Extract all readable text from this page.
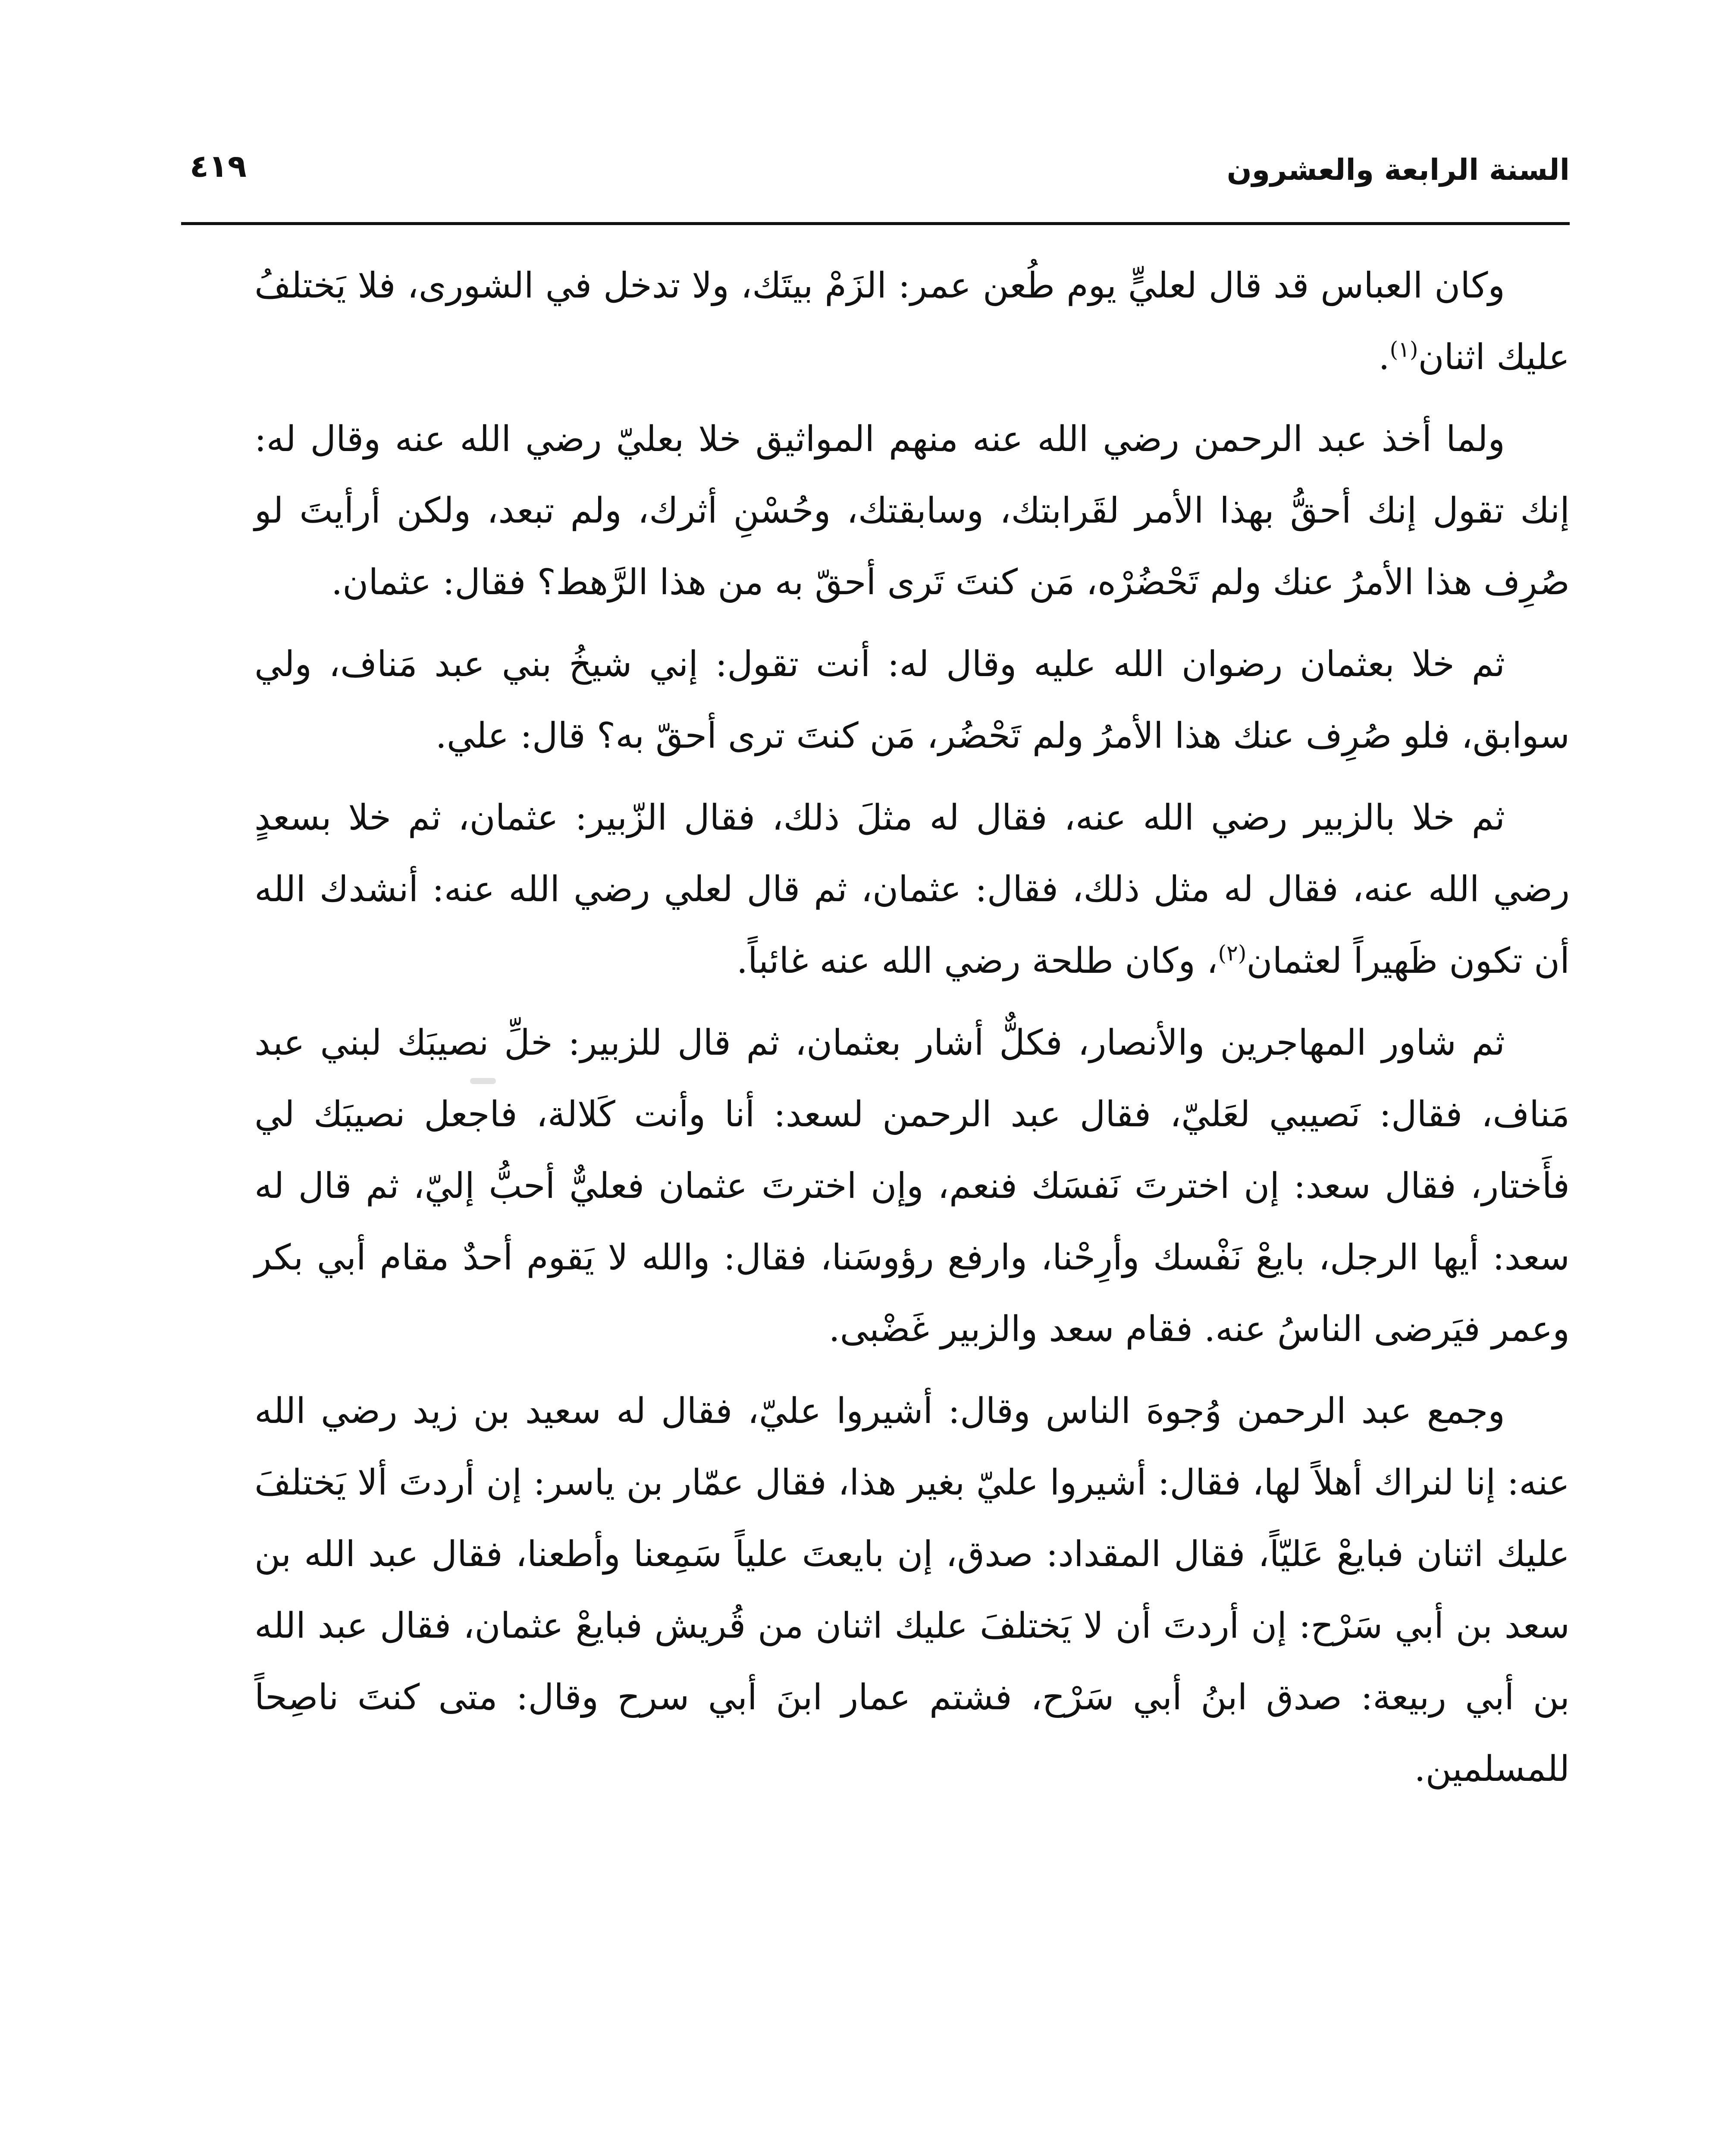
السنة الرابعة والعشرون
٤١٩

وكان العباس قد قال لعليٍّ يوم طُعن عمر: الزَمْ بيتَك، ولا تدخل في الشورى، فلا يَختلفُ عليك اثنان$^{(١)}$.

ولما أخذ عبد الرحمن رضي الله عنه منهم المواثيق خلا بعليّ رضي الله عنه وقال له: إنك تقول إنك أحقُّ بهذا الأمر لقَرابتك، وسابقتك، وحُسْنِ أثرك، ولم تبعد، ولكن أرأيتَ لو صُرِف هذا الأمرُ عنك ولم تَحْضُرْه، مَن كنتَ تَرى أحقّ به من هذا الرَّهط؟ فقال: عثمان.

ثم خلا بعثمان رضوان الله عليه وقال له: أنت تقول: إني شيخُ بني عبد مَناف، ولي سوابق، فلو صُرِف عنك هذا الأمرُ ولم تَحْضُر، مَن كنتَ ترى أحقّ به؟ قال: علي.

ثم خلا بالزبير رضي الله عنه، فقال له مثلَ ذلك، فقال الزّبير: عثمان، ثم خلا بسعدٍ رضي الله عنه، فقال له مثل ذلك، فقال: عثمان، ثم قال لعلي رضي الله عنه: أنشدك الله أن تكون ظَهيراً لعثمان$^{(٢)}$، وكان طلحة رضي الله عنه غائباً.

ثم شاور المهاجرين والأنصار، فكلٌّ أشار بعثمان، ثم قال للزبير: خلِّ نصيبَك لبني عبد مَناف، فقال: نَصيبي لعَليّ، فقال عبد الرحمن لسعد: أنا وأنت كَلالة، فاجعل نصيبَك لي فأَختار، فقال سعد: إن اخترتَ نَفسَك فنعم، وإن اخترتَ عثمان فعليٌّ أحبُّ إليّ، ثم قال له سعد: أيها الرجل، بايعْ نَفْسك وأرِحْنا، وارفع رؤوسَنا، فقال: والله لا يَقوم أحدٌ مقام أبي بكر وعمر فيَرضى الناسُ عنه. فقام سعد والزبير غَضْبى.

وجمع عبد الرحمن وُجوهَ الناس وقال: أشيروا عليّ، فقال له سعيد بن زيد رضي الله عنه: إنا لنراك أهلاً لها، فقال: أشيروا عليّ بغير هذا، فقال عمّار بن ياسر: إن أردتَ ألا يَختلفَ عليك اثنان فبايعْ عَليّاً، فقال المقداد: صدق، إن بايعتَ علياً سَمِعنا وأطعنا، فقال عبد الله بن سعد بن أبي سَرْح: إن أردتَ أن لا يَختلفَ عليك اثنان من قُريش فبايعْ عثمان، فقال عبد الله بن أبي ربيعة: صدق ابنُ أبي سَرْح، فشتم عمار ابنَ أبي سرح وقال: متى كنتَ ناصِحاً للمسلمين.
